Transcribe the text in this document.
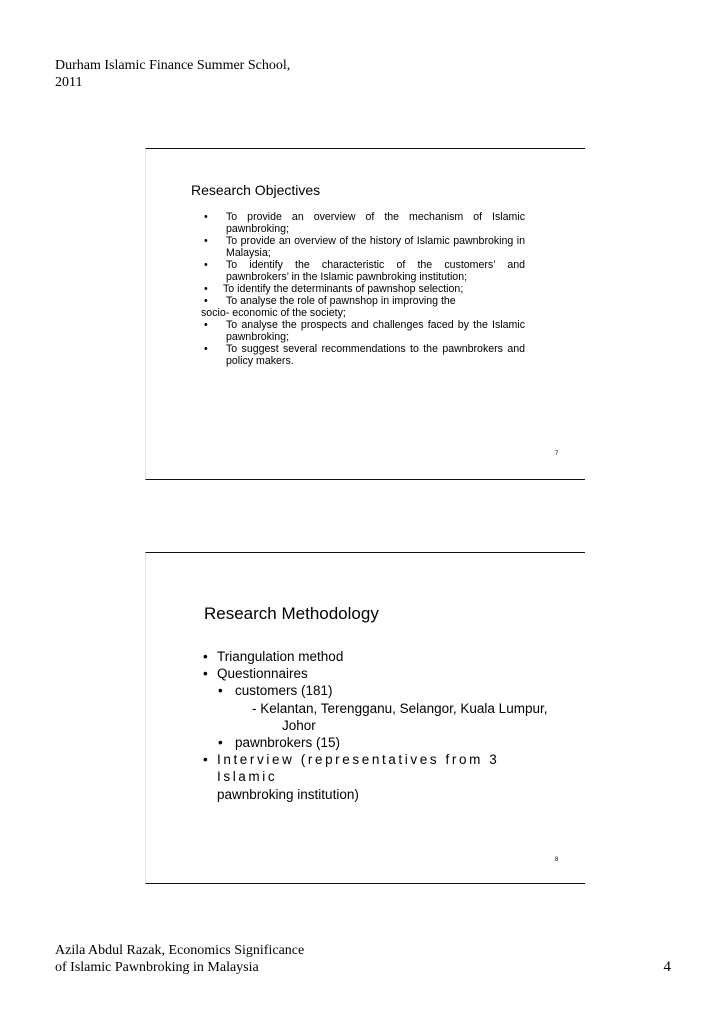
Durham Islamic Finance Summer School,
2011
Research Objectives
• To provide an overview of the mechanism of Islamic pawnbroking;
• To provide an overview of the history of Islamic pawnbroking in Malaysia;
• To identify the characteristic of the customers’ and pawnbrokers’ in the Islamic pawnbroking institution;
• To identify the determinants of pawnshop selection;
•	To analyse the role of pawnshop in improving the
socio- economic of the society;
• To analyse the prospects and challenges faced by the Islamic pawnbroking;
• To suggest several recommendations to the pawnbrokers and policy makers.
7
Research Methodology
• Triangulation method
• Questionnaires
• customers (181)
- Kelantan, Terengganu, Selangor, Kuala Lumpur,
Johor
• pawnbrokers (15)
• Interview (representatives from 3 Islamic
pawnbroking institution)
8
Azila Abdul Razak, Economics Significance
of Islamic Pawnbroking in Malaysia	4
